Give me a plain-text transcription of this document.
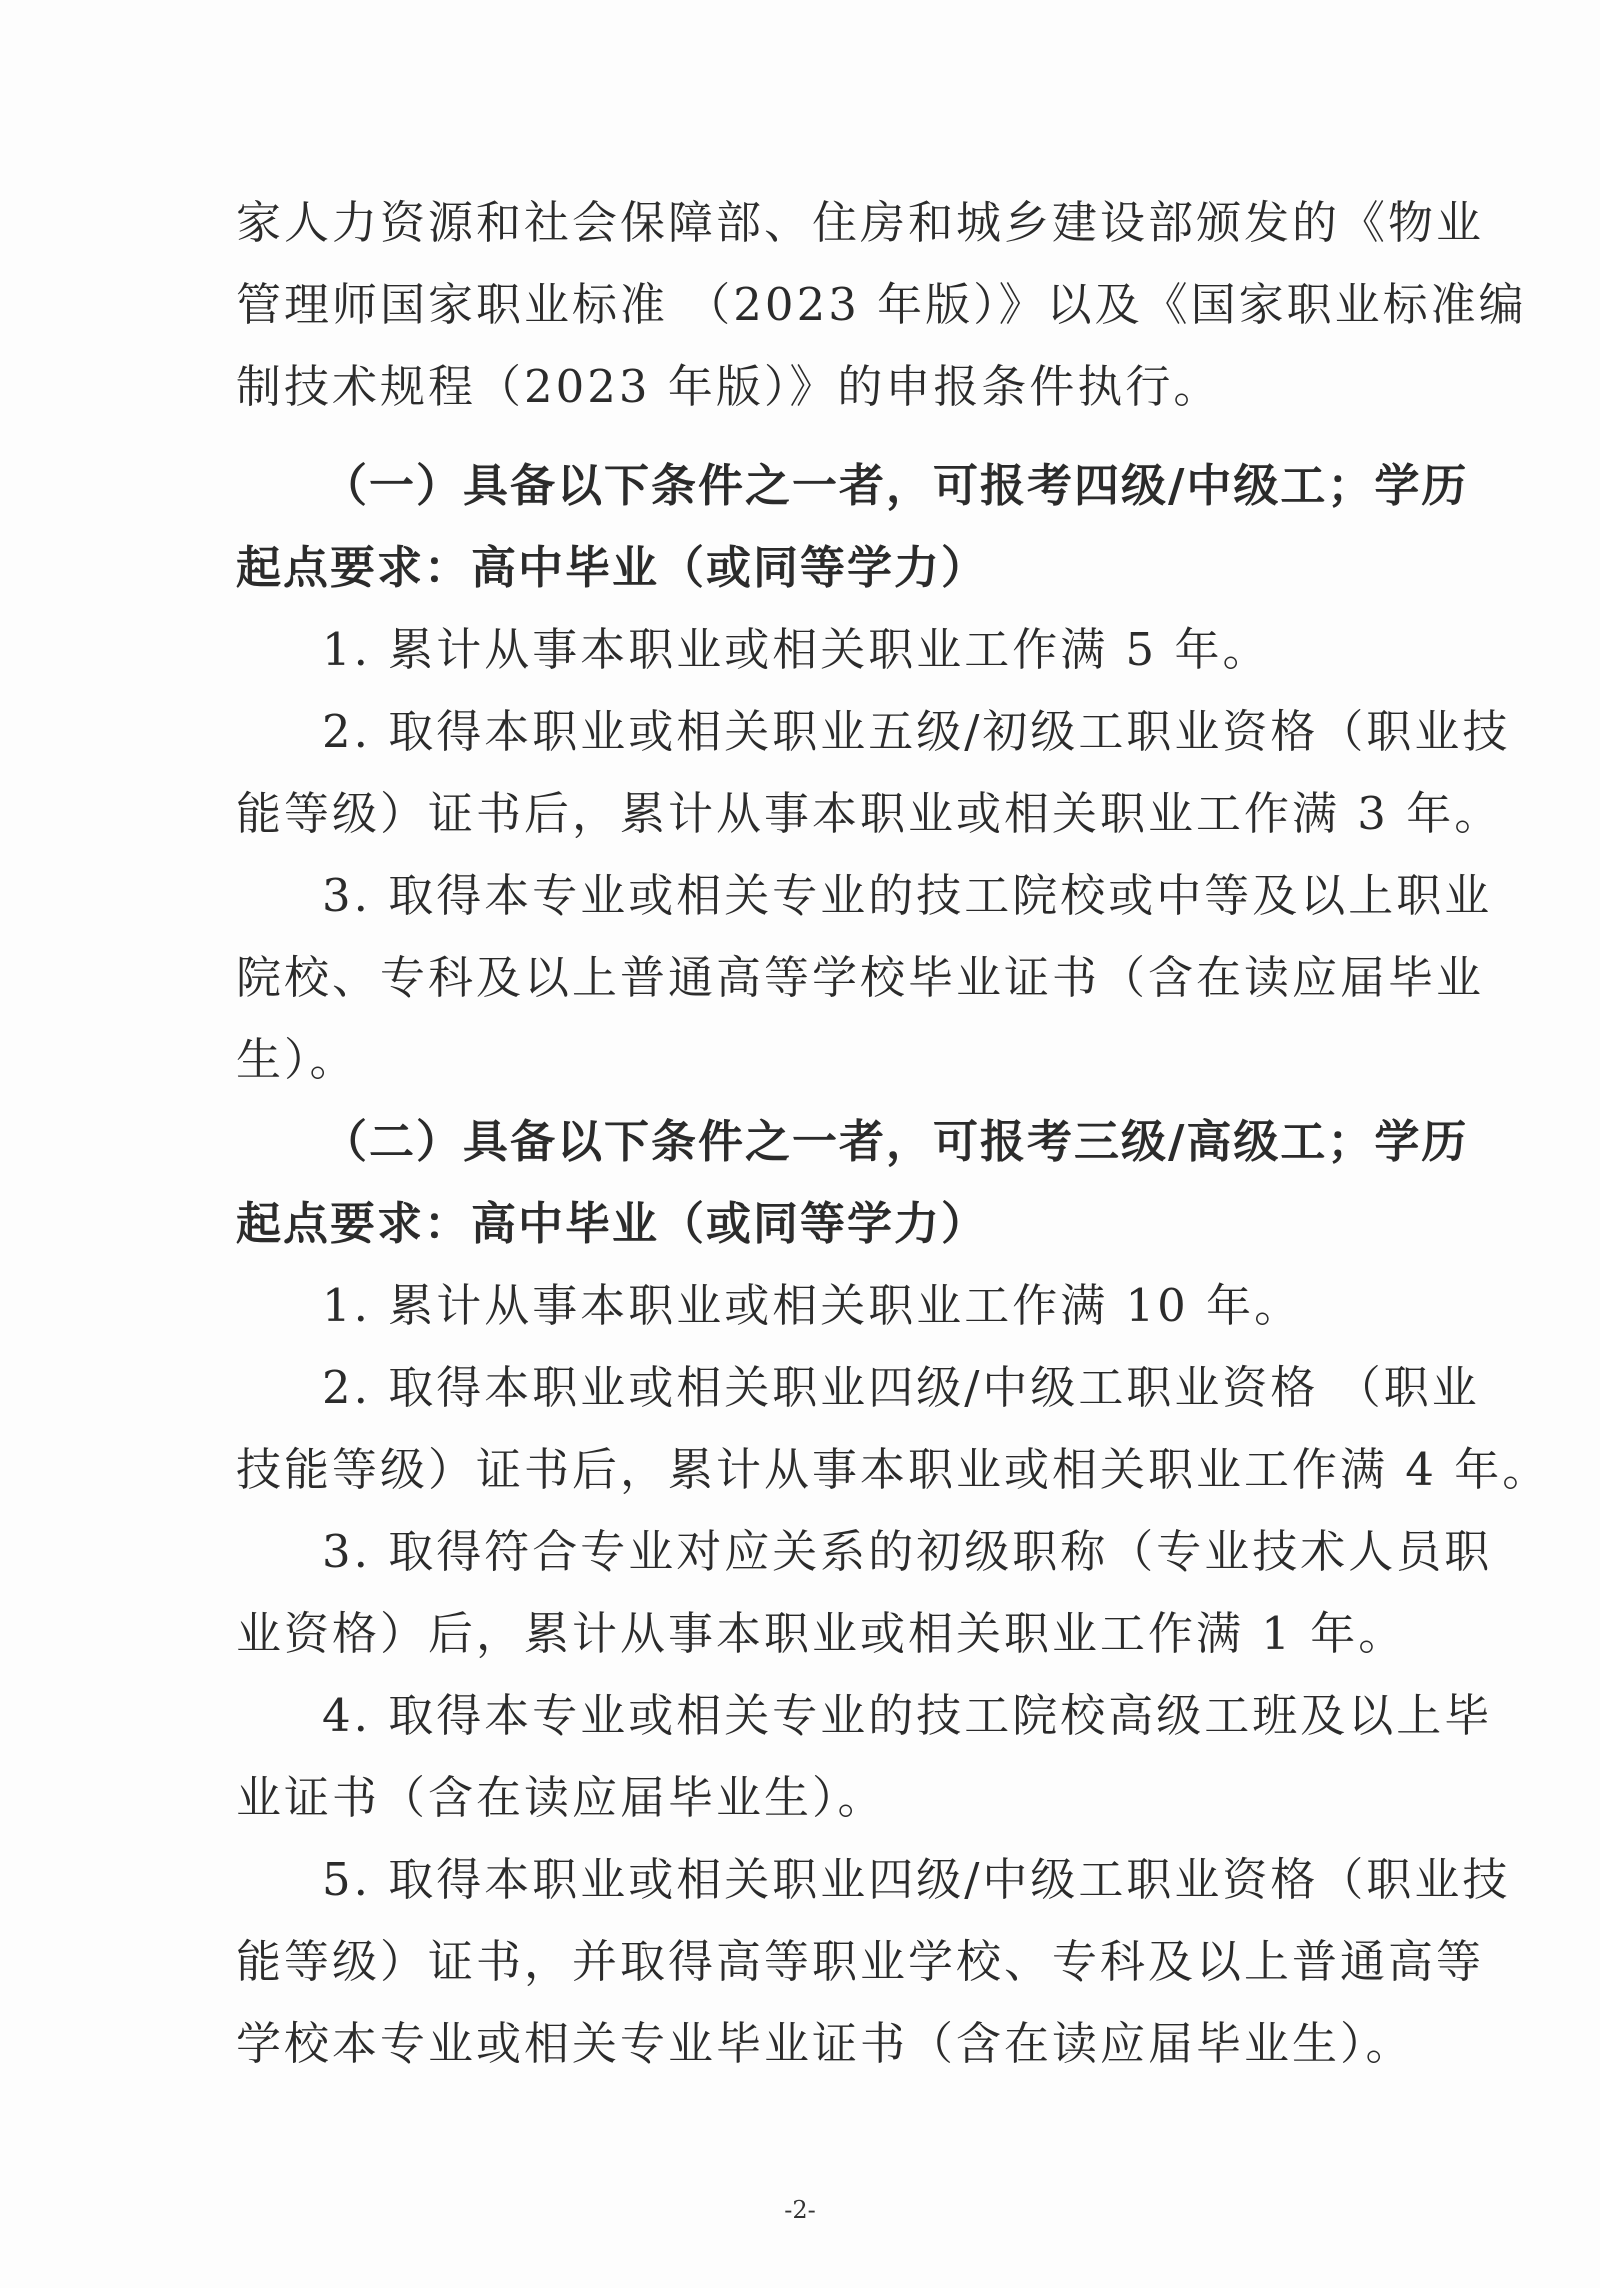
家人力资源和社会保障部、住房和城乡建设部颁发的《物业
管理师国家职业标准 （2023 年版）》以及《国家职业标准编
制技术规程（2023 年版）》的申报条件执行。
（一）具备以下条件之一者，可报考四级/中级工；学历
起点要求：高中毕业（或同等学力）
1. 累计从事本职业或相关职业工作满 5 年。
2. 取得本职业或相关职业五级/初级工职业资格（职业技
能等级）证书后，累计从事本职业或相关职业工作满 3 年。
3. 取得本专业或相关专业的技工院校或中等及以上职业
院校、专科及以上普通高等学校毕业证书（含在读应届毕业
生）。
（二）具备以下条件之一者，可报考三级/高级工；学历
起点要求：高中毕业（或同等学力）
1. 累计从事本职业或相关职业工作满 10 年。
2. 取得本职业或相关职业四级/中级工职业资格 （职业
技能等级）证书后，累计从事本职业或相关职业工作满 4 年。
3. 取得符合专业对应关系的初级职称（专业技术人员职
业资格）后，累计从事本职业或相关职业工作满 1 年。
4. 取得本专业或相关专业的技工院校高级工班及以上毕
业证书（含在读应届毕业生）。
5. 取得本职业或相关职业四级/中级工职业资格（职业技
能等级）证书，并取得高等职业学校、专科及以上普通高等
学校本专业或相关专业毕业证书（含在读应届毕业生）。
-2-
